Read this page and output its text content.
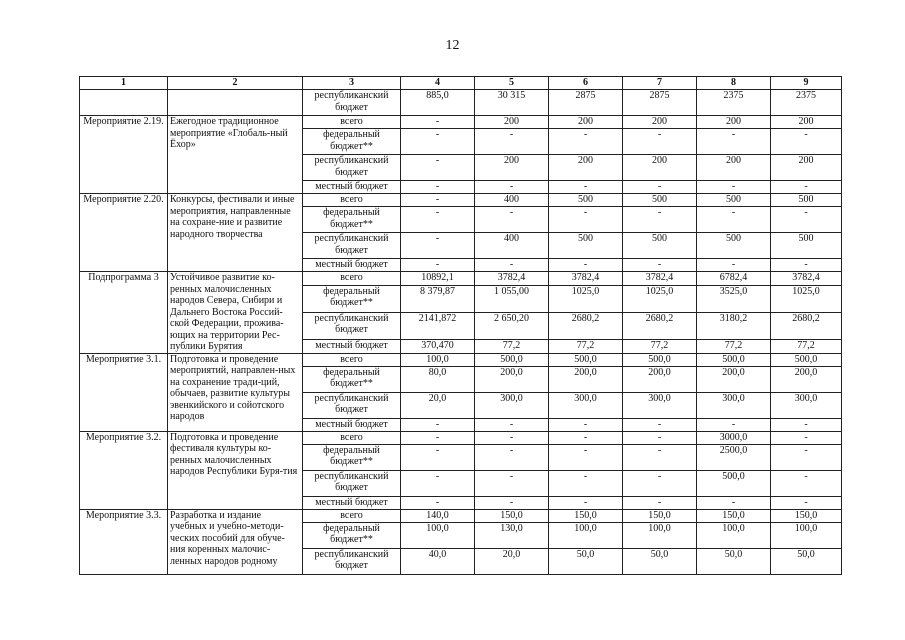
12
1	2	3	4	5	6	7	8	9
		республиканский бюджет	885,0	30 315	2875	2875	2375	2375
Мероприятие 2.19.	Ежегодное традиционное мероприятие «Глобаль-ный Ёхор»	всего	-	200	200	200	200	200
		федеральный бюджет**	-	-	-	-	-	-
		республиканский бюджет	-	200	200	200	200	200
		местный бюджет	-	-	-	-	-	-
Мероприятие 2.20.	Конкурсы, фестивали и иные мероприятия, направленные на сохране-ние и развитие народного творчества	всего	-	400	500	500	500	500
		федеральный бюджет**	-	-	-	-	-	-
		республиканский бюджет	-	400	500	500	500	500
		местный бюджет	-	-	-	-	-	-
Подпрограмма 3	Устойчивое развитие ко-ренных малочисленных народов Севера, Сибири и Дальнего Востока Россий-ской Федерации, прожива-ющих на территории Рес-публики Бурятия	всего	10892,1	3782,4	3782,4	3782,4	6782,4	3782,4
		федеральный бюджет**	8 379,87	1 055,00	1025,0	1025,0	3525,0	1025,0
		республиканский бюджет	2141,872	2 650,20	2680,2	2680,2	3180,2	2680,2
		местный бюджет	370,470	77,2	77,2	77,2	77,2	77,2
Мероприятие 3.1.	Подготовка и проведение мероприятий, направлен-ных на сохранение тради-ций, обычаев, развитие культуры эвенкийского и сойотского народов	всего	100,0	500,0	500,0	500,0	500,0	500,0
		федеральный бюджет**	80,0	200,0	200,0	200,0	200,0	200,0
		республиканский бюджет	20,0	300,0	300,0	300,0	300,0	300,0
		местный бюджет	-	-	-	-	-	-
Мероприятие 3.2.	Подготовка и проведение фестиваля культуры ко-ренных малочисленных народов Республики Буря-тия	всего	-	-	-	-	3000,0	-
		федеральный бюджет**	-	-	-	-	2500,0	-
		республиканский бюджет	-	-	-	-	500,0	-
		местный бюджет	-	-	-	-	-	-
Мероприятие 3.3.	Разработка и издание учебных и учебно-методи-ческих пособий для обуче-ния коренных малочис-ленных народов родному	всего	140,0	150,0	150,0	150,0	150,0	150,0
		федеральный бюджет**	100,0	130,0	100,0	100,0	100,0	100,0
		республиканский бюджет	40,0	20,0	50,0	50,0	50,0	50,0
